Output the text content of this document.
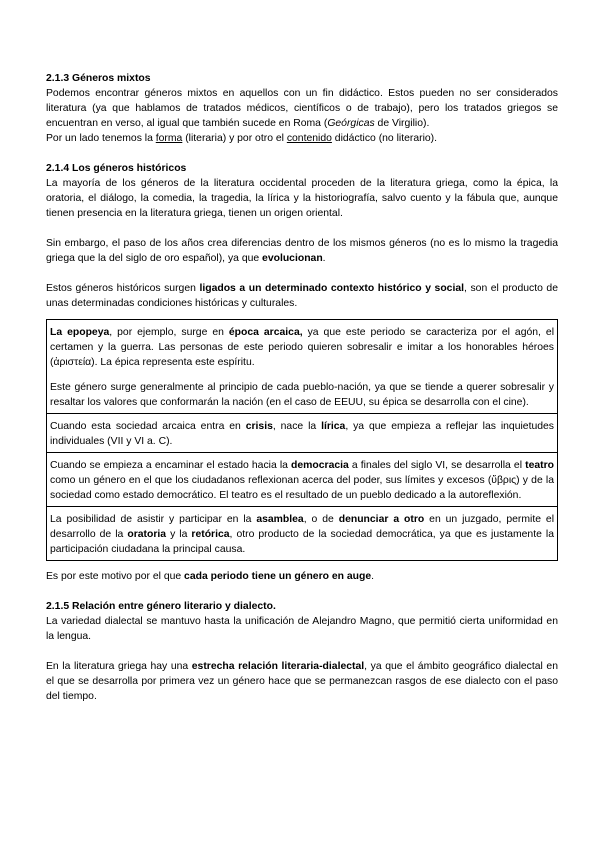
2.1.3 Géneros mixtos

Podemos encontrar géneros mixtos en aquellos con un fin didáctico. Estos pueden no ser considerados literatura (ya que hablamos de tratados médicos, científicos o de trabajo), pero los tratados griegos se encuentran en verso, al igual que también sucede en Roma (Geórgicas de Virgilio).

Por un lado tenemos la forma (literaria) y por otro el contenido didáctico (no literario).

2.1.4 Los géneros históricos

La mayoría de los géneros de la literatura occidental proceden de la literatura griega, como la épica, la oratoria, el diálogo, la comedia, la tragedia, la lírica y la historiografía, salvo cuento y la fábula que, aunque tienen presencia en la literatura griega, tienen un origen oriental.

Sin embargo, el paso de los años crea diferencias dentro de los mismos géneros (no es lo mismo la tragedia griega que la del siglo de oro español), ya que evolucionan.

Estos géneros históricos surgen ligados a un determinado contexto histórico y social, son el producto de unas determinadas condiciones históricas y culturales.

La epopeya, por ejemplo, surge en época arcaica, ya que este periodo se caracteriza por el agón, el certamen y la guerra. Las personas de este periodo quieren sobresalir e imitar a los honorables héroes (ἀριστεία). La épica representa este espíritu.

Este género surge generalmente al principio de cada pueblo-nación, ya que se tiende a querer sobresalir y resaltar los valores que conformarán la nación (en el caso de EEUU, su épica se desarrolla con el cine).

Cuando esta sociedad arcaica entra en crisis, nace la lírica, ya que empieza a reflejar las inquietudes individuales (VII y VI a. C).

Cuando se empieza a encaminar el estado hacia la democracia a finales del siglo VI, se desarrolla el teatro como un género en el que los ciudadanos reflexionan acerca del poder, sus límites y excesos (ὕβρις) y de la sociedad como estado democrático. El teatro es el resultado de un pueblo dedicado a la autoreflexión.

La posibilidad de asistir y participar en la asamblea, o de denunciar a otro en un juzgado, permite el desarrollo de la oratoria y la retórica, otro producto de la sociedad democrática, ya que es justamente la participación ciudadana la principal causa.

Es por este motivo por el que cada periodo tiene un género en auge.

2.1.5 Relación entre género literario y dialecto.

La variedad dialectal se mantuvo hasta la unificación de Alejandro Magno, que permitió cierta uniformidad en la lengua.

En la literatura griega hay una estrecha relación literaria-dialectal, ya que el ámbito geográfico dialectal en el que se desarrolla por primera vez un género hace que se permanezcan rasgos de ese dialecto con el paso del tiempo.
